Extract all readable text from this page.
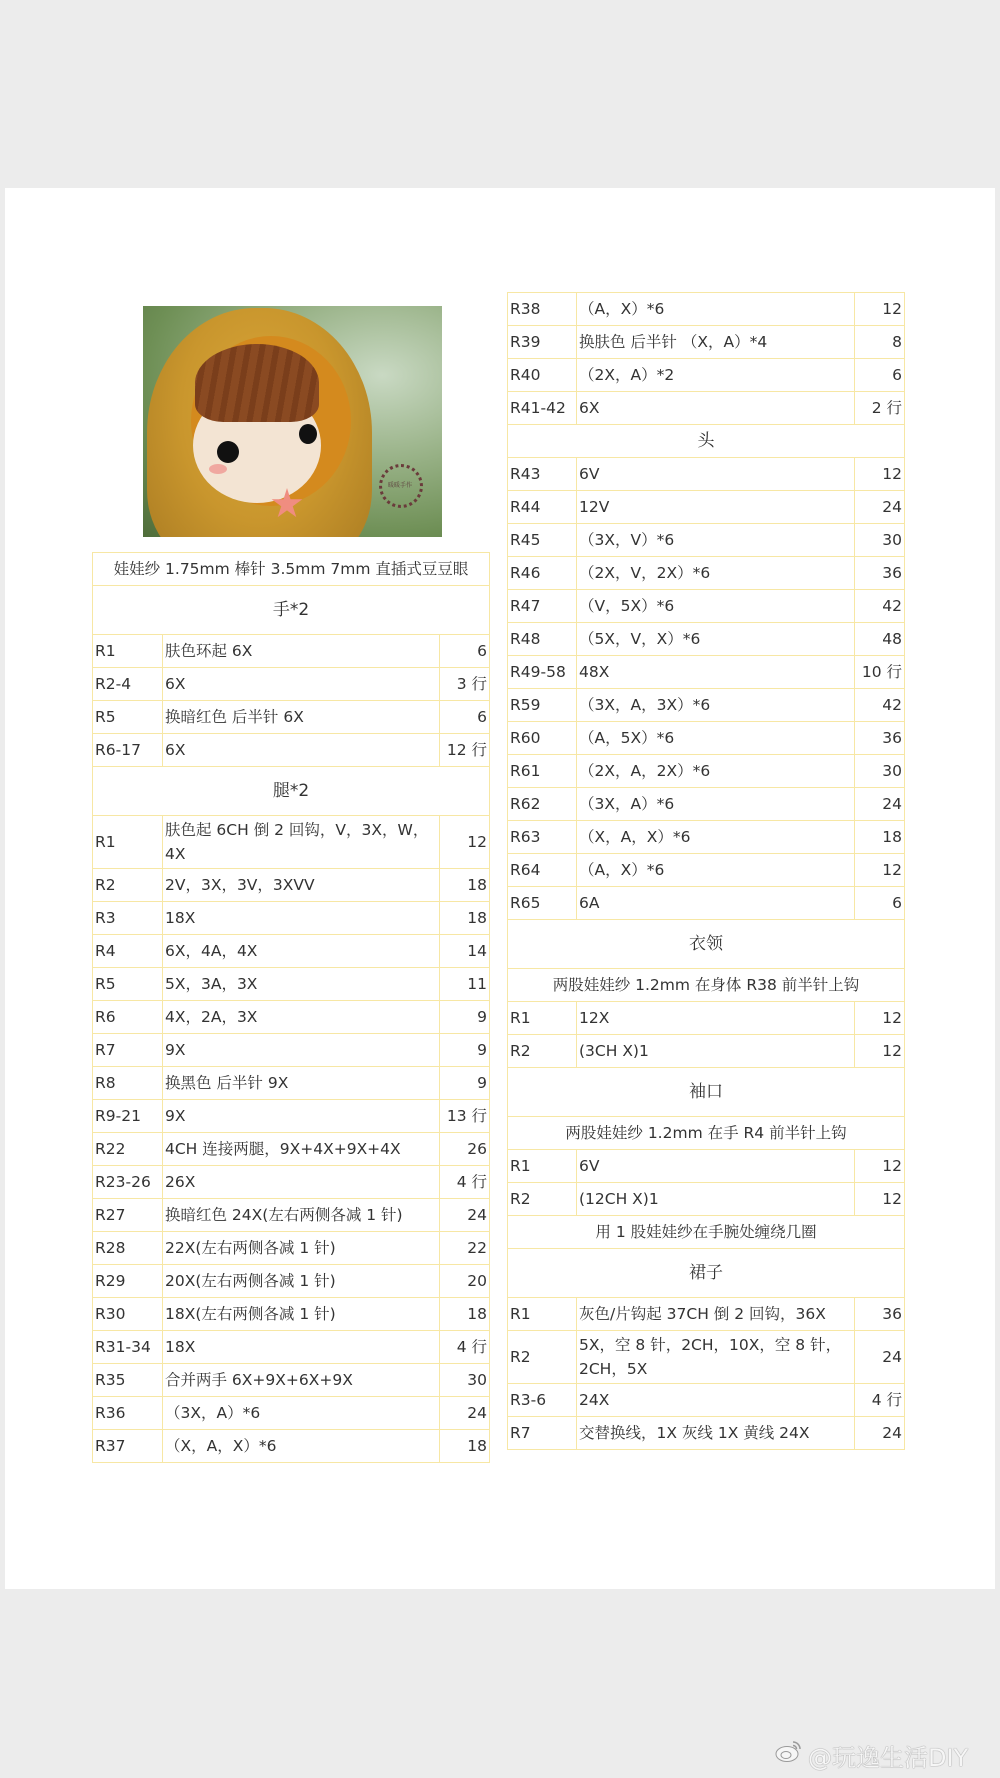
暖暖手作
娃娃纱 1.75mm 棒针 3.5mm 7mm 直插式豆豆眼		
手*2		
R1	肤色环起 6X	6
R2-4	6X	3 行
R5	换暗红色 后半针 6X	6
R6-17	6X	12 行
腿*2		
R1	肤色起 6CH 倒 2 回钩，V，3X，W，4X	12
R2	2V，3X，3V，3XVV	18
R3	18X	18
R4	6X，4A，4X	14
R5	5X，3A，3X	11
R6	4X，2A，3X	9
R7	9X	9
R8	换黑色 后半针 9X	9
R9-21	9X	13 行
R22	4CH 连接两腿，9X+4X+9X+4X	26
R23-26	26X	4 行
R27	换暗红色 24X(左右两侧各减 1 针)	24
R28	22X(左右两侧各减 1 针)	22
R29	20X(左右两侧各减 1 针)	20
R30	18X(左右两侧各减 1 针)	18
R31-34	18X	4 行
R35	合并两手 6X+9X+6X+9X	30
R36	（3X，A）*6	24
R37	（X，A，X）*6	18
R38	（A，X）*6	12
R39	换肤色 后半针 （X，A）*4	8
R40	（2X，A）*2	6
R41-42	6X	2 行
头		
R43	6V	12
R44	12V	24
R45	（3X，V）*6	30
R46	（2X，V，2X）*6	36
R47	（V，5X）*6	42
R48	（5X，V，X）*6	48
R49-58	48X	10 行
R59	（3X，A，3X）*6	42
R60	（A，5X）*6	36
R61	（2X，A，2X）*6	30
R62	（3X，A）*6	24
R63	（X，A，X）*6	18
R64	（A，X）*6	12
R65	6A	6
衣领		
两股娃娃纱 1.2mm 在身体 R38 前半针上钩		
R1	12X	12
R2	(3CH X)1	12
袖口		
两股娃娃纱 1.2mm 在手 R4 前半针上钩		
R1	6V	12
R2	(12CH X)1	12
用 1 股娃娃纱在手腕处缠绕几圈		
裙子		
R1	灰色/片钩起 37CH 倒 2 回钩，36X	36
R2	5X，空 8 针，2CH，10X，空 8 针，2CH，5X	24
R3-6	24X	4 行
R7	交替换线，1X 灰线 1X 黄线 24X	24
@玩逸生活DIY
